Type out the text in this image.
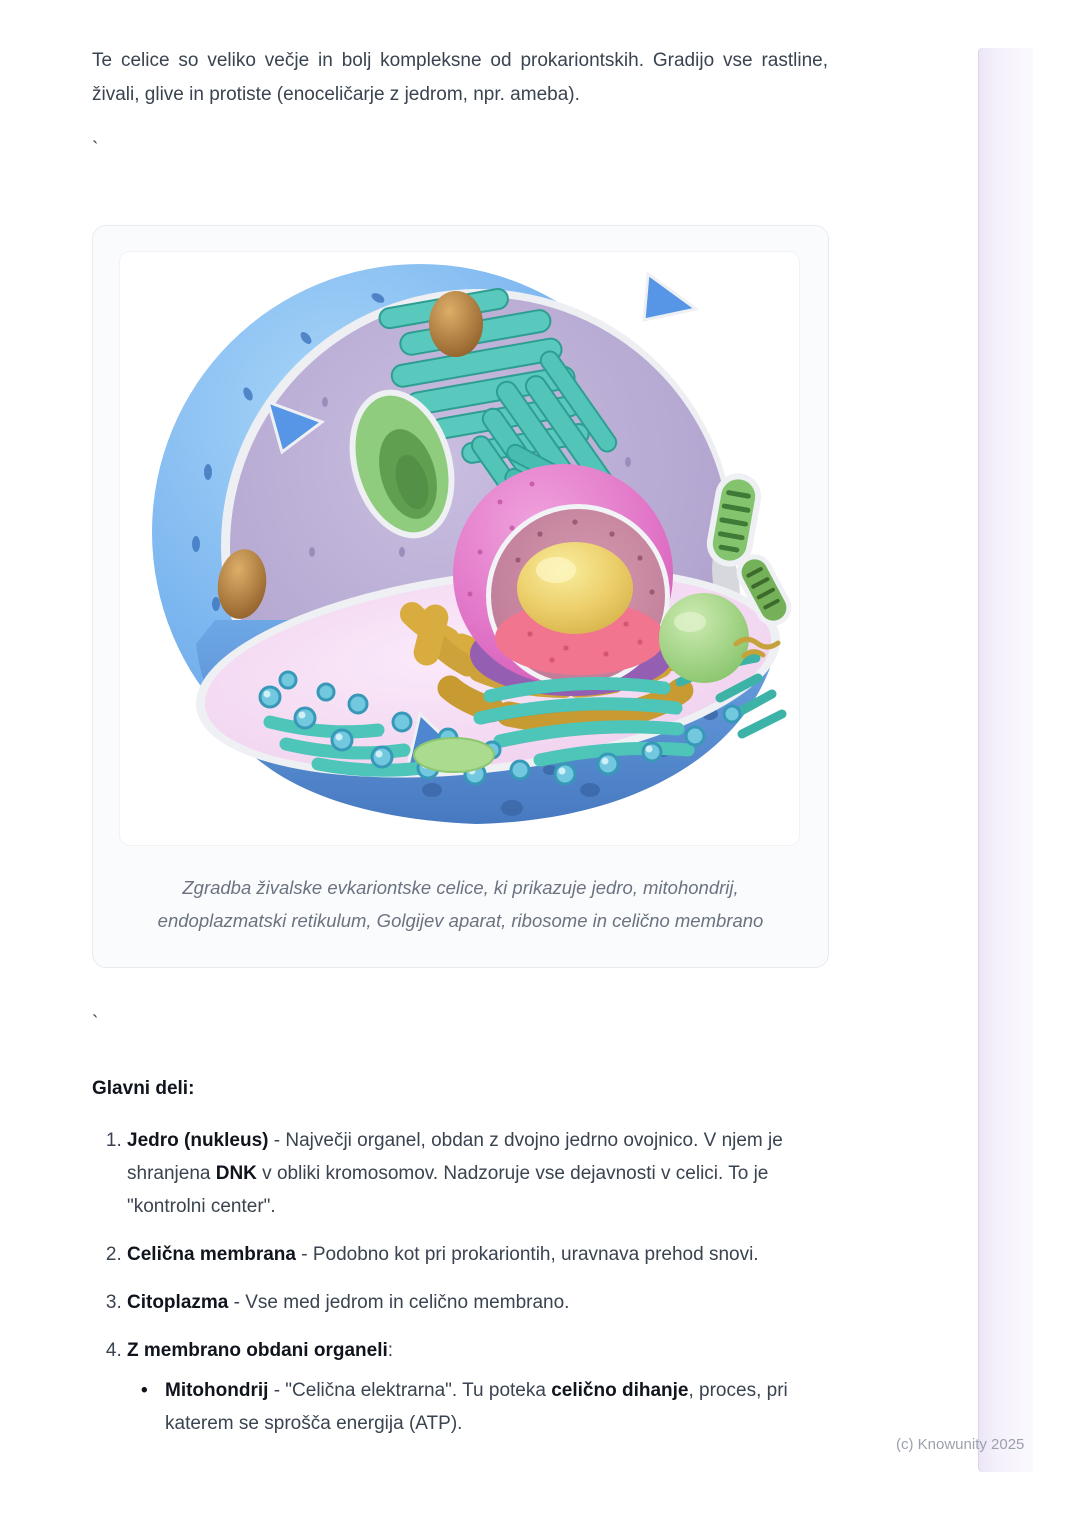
Te celice so veliko večje in bolj kompleksne od prokariontskih. Gradijo vse rastline, živali, glive in protiste (enoceličarje z jedrom, npr. ameba).

`
Zgradba živalske evkariontske celice, ki prikazuje jedro, mitohondrij, endoplazmatski retikulum, Golgijev aparat, ribosome in celično membrano
`

Glavni deli:

1. Jedro (nukleus) - Največji organel, obdan z dvojno jedrno ovojnico. V njem je shranjena DNK v obliki kromosomov. Nadzoruje vse dejavnosti v celici. To je "kontrolni center".
2. Celična membrana - Podobno kot pri prokariontih, uravnava prehod snovi.
3. Citoplazma - Vse med jedrom in celično membrano.
4. Z membrano obdani organeli:
• Mitohondrij - "Celična elektrarna". Tu poteka celično dihanje, proces, pri katerem se sprošča energija (ATP).
(c) Knowunity 2025
